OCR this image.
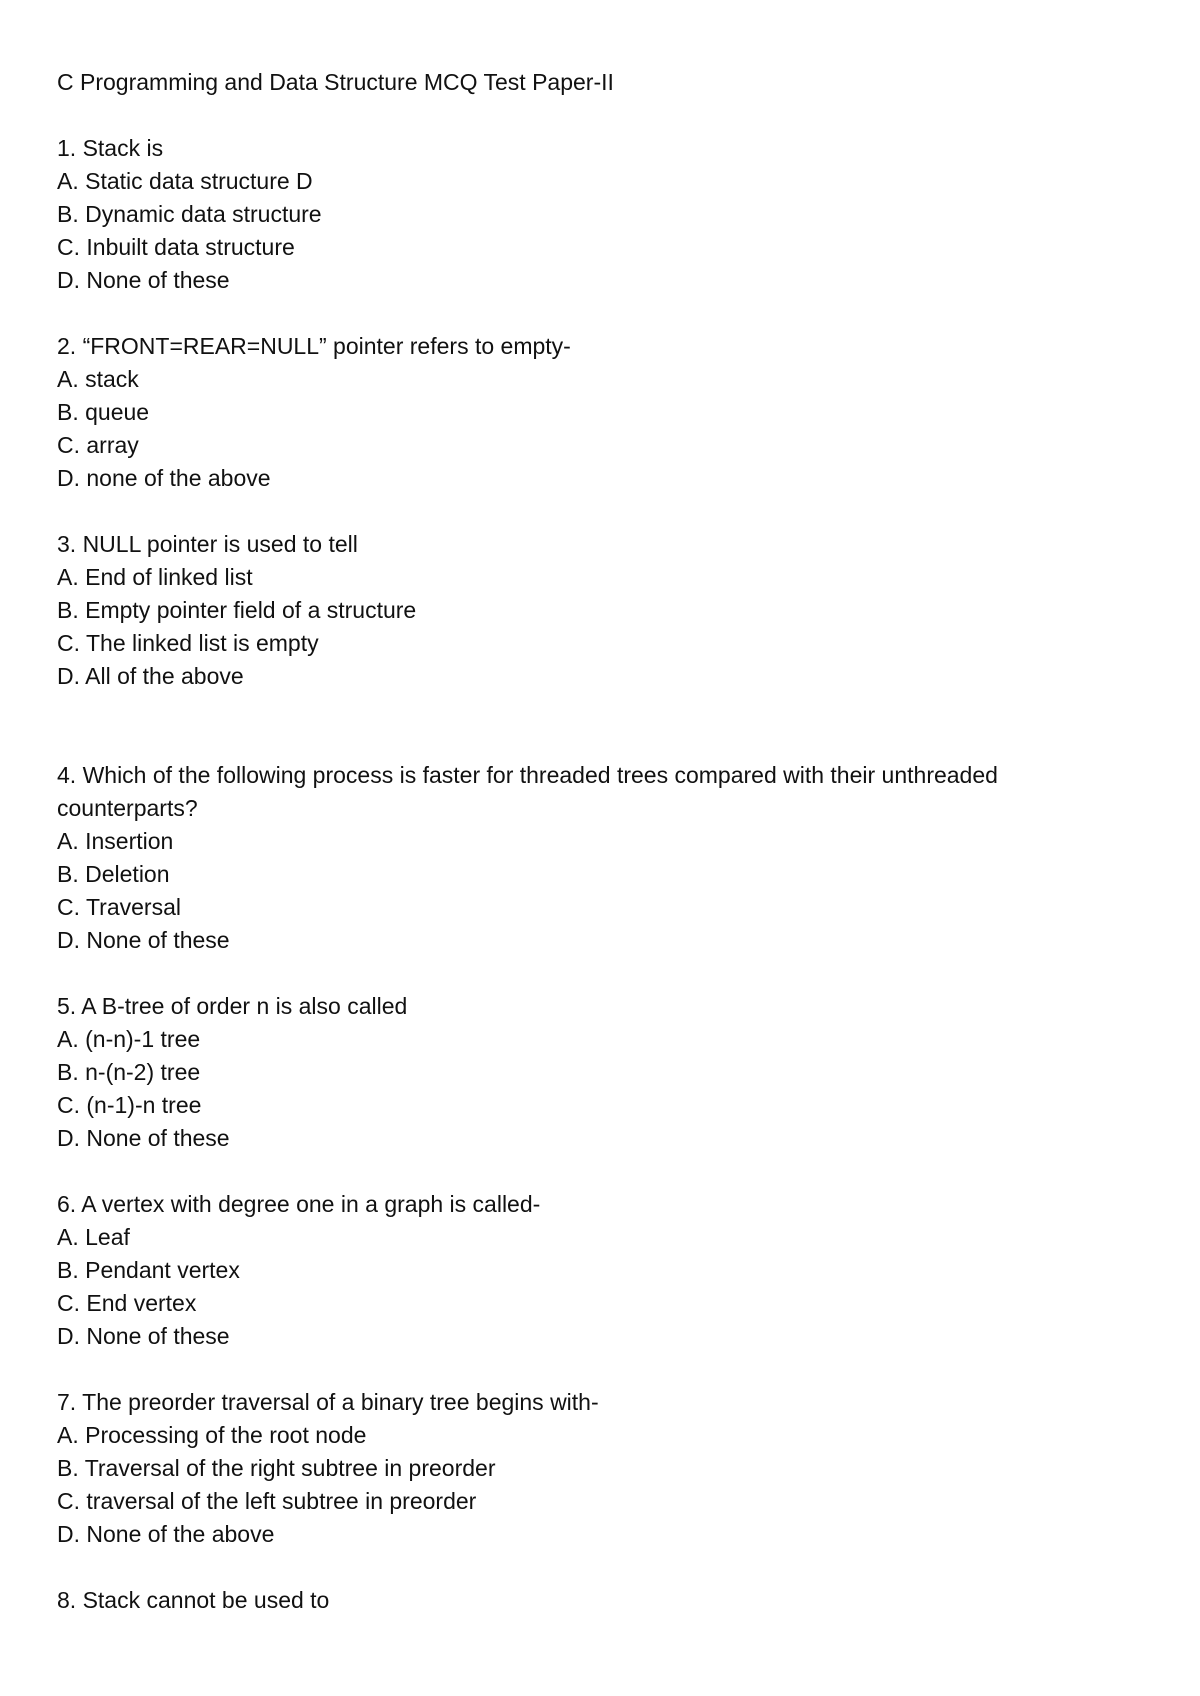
C Programming and Data Structure MCQ Test Paper-II
1. Stack is
A. Static data structure D
B. Dynamic data structure
C. Inbuilt data structure
D. None of these
2. “FRONT=REAR=NULL” pointer refers to empty-
A. stack
B. queue
C. array
D. none of the above
3. NULL pointer is used to tell
A. End of linked list
B. Empty pointer field of a structure
C. The linked list is empty
D. All of the above
4. Which of the following process is faster for threaded trees compared with their unthreaded counterparts?
A. Insertion
B. Deletion
C. Traversal
D. None of these
5. A B-tree of order n is also called
A. (n-n)-1 tree
B. n-(n-2) tree
C. (n-1)-n tree
D. None of these
6. A vertex with degree one in a graph is called-
A. Leaf
B. Pendant vertex
C. End vertex
D. None of these
7. The preorder traversal of a binary tree begins with-
A. Processing of the root node
B. Traversal of the right subtree in preorder
C. traversal of the left subtree in preorder
D. None of the above
8. Stack cannot be used to
